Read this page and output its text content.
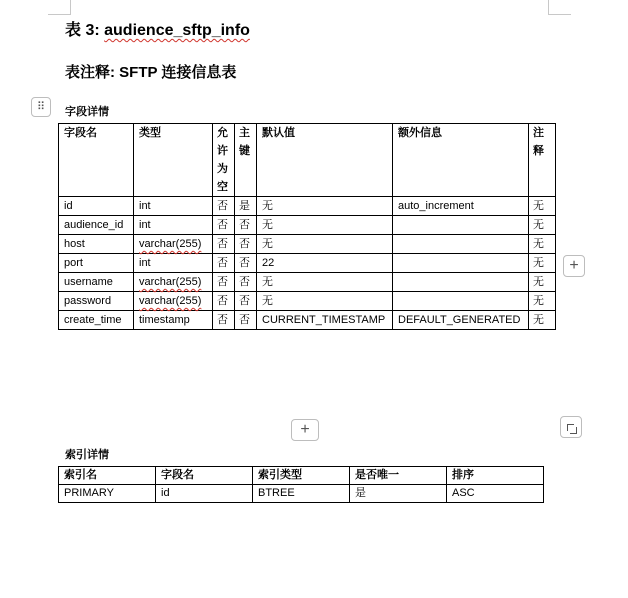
表 3: audience_sftp_info
表注释: SFTP 连接信息表
⠿	字段详情
字段名	类型	允许为空	主键	默认值	额外信息	注释
id	int	否	是	无	auto_increment	无
audience_id	int	否	否	无		无
host	varchar(255)	否	否	无		无
port	int	否	否	22		无
username	varchar(255)	否	否	无		无
password	varchar(255)	否	否	无		无
create_time	timestamp	否	否	CURRENT_TIMESTAMP	DEFAULT_GENERATED	无
+
+
索引详情
索引名	字段名	索引类型	是否唯一	排序
PRIMARY	id	BTREE	是	ASC
